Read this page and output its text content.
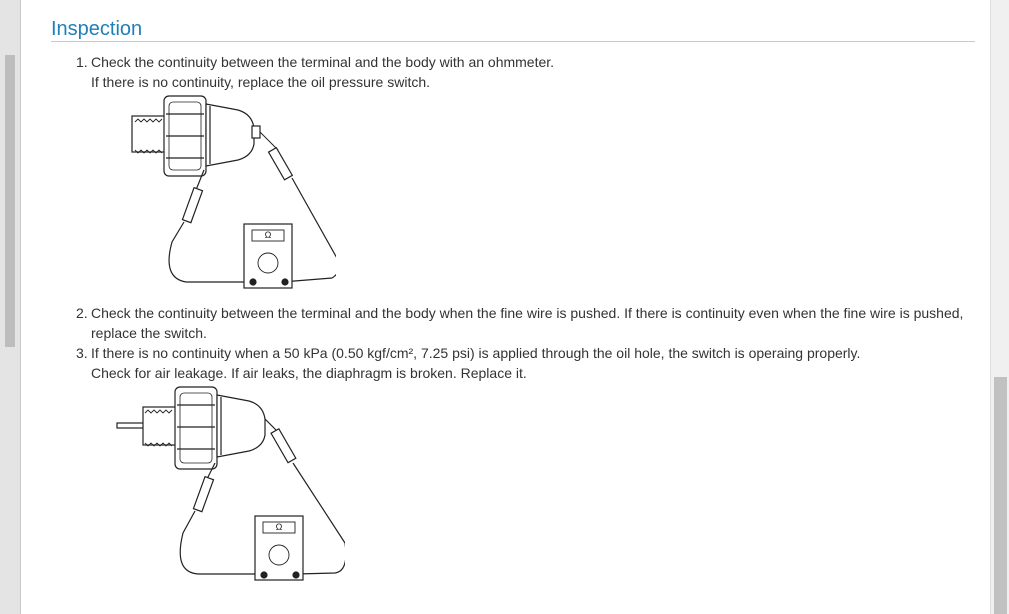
Inspection
1. Check the continuity between the terminal and the body with an ohmmeter.
If there is no continuity, replace the oil pressure switch.
Ω
2. Check the continuity between the terminal and the body when the fine wire is pushed. If there is continuity even when the fine wire is pushed,
replace the switch.
3. If there is no continuity when a 50 kPa (0.50 kgf/cm², 7.25 psi) is applied through the oil hole, the switch is operaing properly.
Check for air leakage. If air leaks, the diaphragm is broken. Replace it.
Ω
